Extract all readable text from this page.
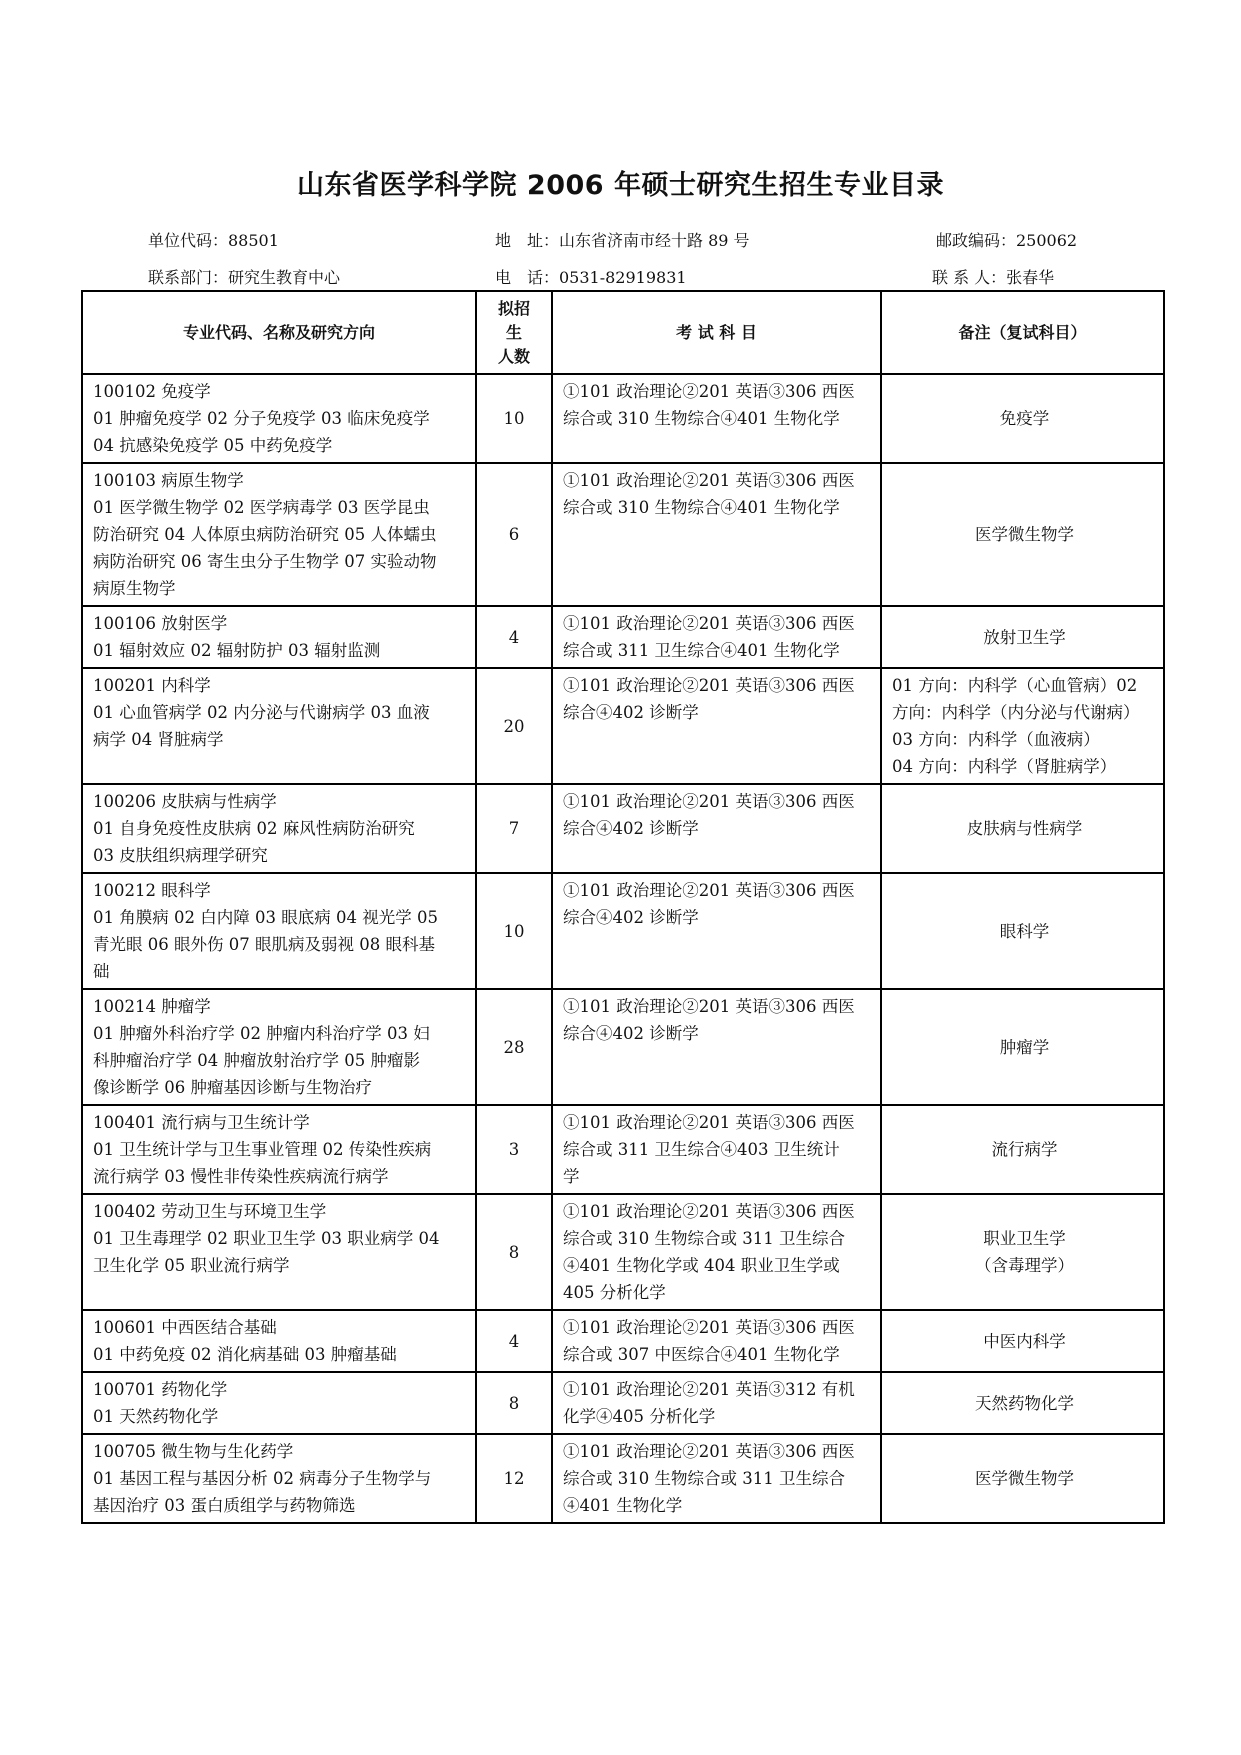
山东省医学科学院 2006 年硕士研究生招生专业目录
单位代码：88501	地　址：山东省济南市经十路 89 号	邮政编码：250062
联系部门：研究生教育中心	电　话：0531-82919831	联 系 人：张春华
专业代码、名称及研究方向	拟招
生
人数	考 试 科 目	备注（复试科目）

100102 免疫学
01 肿瘤免疫学 02 分子免疫学 03 临床免疫学
04 抗感染免疫学 05 中药免疫学	10	①101 政治理论②201 英语③306 西医
综合或 310 生物综合④401 生物化学	免疫学

100103 病原生物学
01 医学微生物学 02 医学病毒学 03 医学昆虫
防治研究 04 人体原虫病防治研究 05 人体蠕虫
病防治研究 06 寄生虫分子生物学 07 实验动物
病原生物学	6	①101 政治理论②201 英语③306 西医
综合或 310 生物综合④401 生物化学	医学微生物学

100106 放射医学
01 辐射效应 02 辐射防护 03 辐射监测	4	①101 政治理论②201 英语③306 西医
综合或 311 卫生综合④401 生物化学	放射卫生学

100201 内科学
01 心血管病学 02 内分泌与代谢病学 03 血液
病学 04 肾脏病学	20	①101 政治理论②201 英语③306 西医
综合④402 诊断学	01 方向：内科学（心血管病）02
方向：内科学（内分泌与代谢病）
03 方向：内科学（血液病）
04 方向：内科学（肾脏病学）

100206 皮肤病与性病学
01 自身免疫性皮肤病 02 麻风性病防治研究
03 皮肤组织病理学研究	7	①101 政治理论②201 英语③306 西医
综合④402 诊断学	皮肤病与性病学

100212 眼科学
01 角膜病 02 白内障 03 眼底病 04 视光学 05
青光眼 06 眼外伤 07 眼肌病及弱视 08 眼科基
础	10	①101 政治理论②201 英语③306 西医
综合④402 诊断学	眼科学

100214 肿瘤学
01 肿瘤外科治疗学 02 肿瘤内科治疗学 03 妇
科肿瘤治疗学 04 肿瘤放射治疗学 05 肿瘤影
像诊断学 06 肿瘤基因诊断与生物治疗	28	①101 政治理论②201 英语③306 西医
综合④402 诊断学	肿瘤学

100401 流行病与卫生统计学
01 卫生统计学与卫生事业管理 02 传染性疾病
流行病学 03 慢性非传染性疾病流行病学	3	①101 政治理论②201 英语③306 西医
综合或 311 卫生综合④403 卫生统计
学	流行病学

100402 劳动卫生与环境卫生学
01 卫生毒理学 02 职业卫生学 03 职业病学 04
卫生化学 05 职业流行病学	8	①101 政治理论②201 英语③306 西医
综合或 310 生物综合或 311 卫生综合
④401 生物化学或 404 职业卫生学或
405 分析化学	职业卫生学
（含毒理学）

100601 中西医结合基础
01 中药免疫 02 消化病基础 03 肿瘤基础	4	①101 政治理论②201 英语③306 西医
综合或 307 中医综合④401 生物化学	中医内科学

100701 药物化学
01 天然药物化学	8	①101 政治理论②201 英语③312 有机
化学④405 分析化学	天然药物化学

100705 微生物与生化药学
01 基因工程与基因分析 02 病毒分子生物学与
基因治疗 03 蛋白质组学与药物筛选	12	①101 政治理论②201 英语③306 西医
综合或 310 生物综合或 311 卫生综合
④401 生物化学	医学微生物学
